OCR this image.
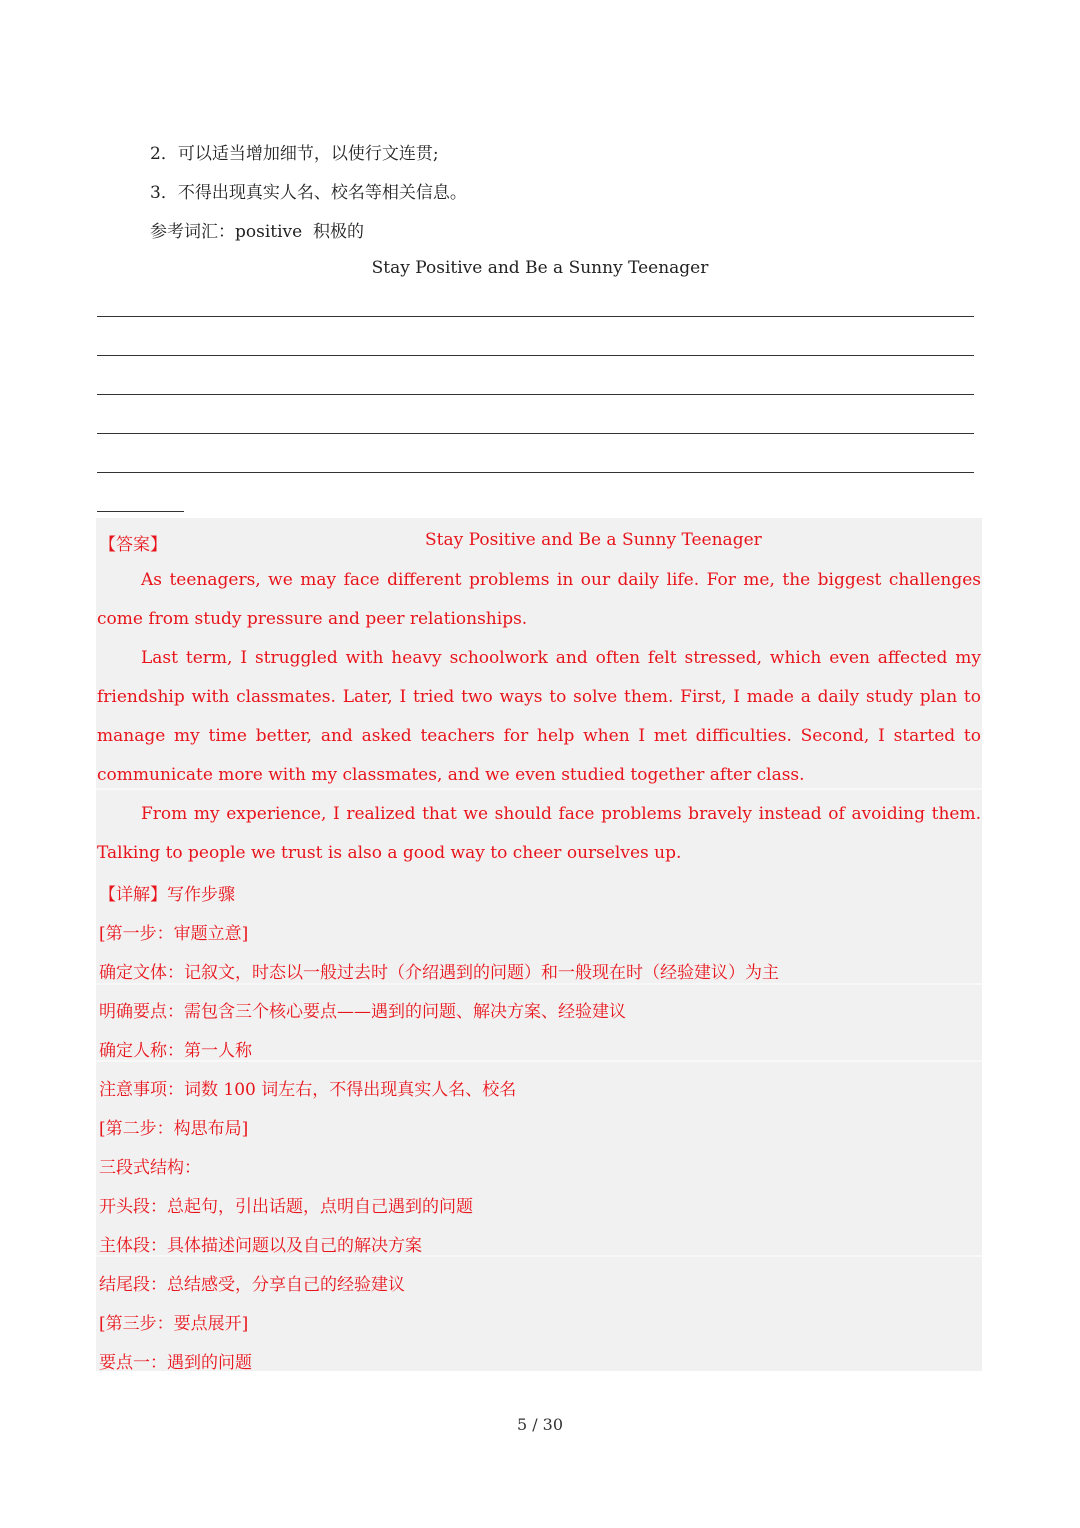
2．可以适当增加细节，以使行文连贯;
3．不得出现真实人名、校名等相关信息。
参考词汇：positive  积极的
Stay Positive and Be a Sunny Teenager
【答案】	Stay Positive and Be a Sunny Teenager
As teenagers, we may face different problems in our daily life. For me, the biggest challenges come from study pressure and peer relationships.
Last term, I struggled with heavy schoolwork and often felt stressed, which even affected my friendship with classmates. Later, I tried two ways to solve them. First, I made a daily study plan to manage my time better, and asked teachers for help when I met difficulties. Second, I started to communicate more with my classmates, and we even studied together after class.
From my experience, I realized that we should face problems bravely instead of avoiding them. Talking to people we trust is also a good way to cheer ourselves up.
【详解】写作步骤
[第一步：审题立意]
确定文体：记叙文，时态以一般过去时（介绍遇到的问题）和一般现在时（经验建议）为主
明确要点：需包含三个核心要点——遇到的问题、解决方案、经验建议
确定人称：第一人称
注意事项：词数 100 词左右，不得出现真实人名、校名
[第二步：构思布局]
三段式结构：
开头段：总起句，引出话题，点明自己遇到的问题
主体段：具体描述问题以及自己的解决方案
结尾段：总结感受，分享自己的经验建议
[第三步：要点展开]
要点一：遇到的问题
5 / 30
